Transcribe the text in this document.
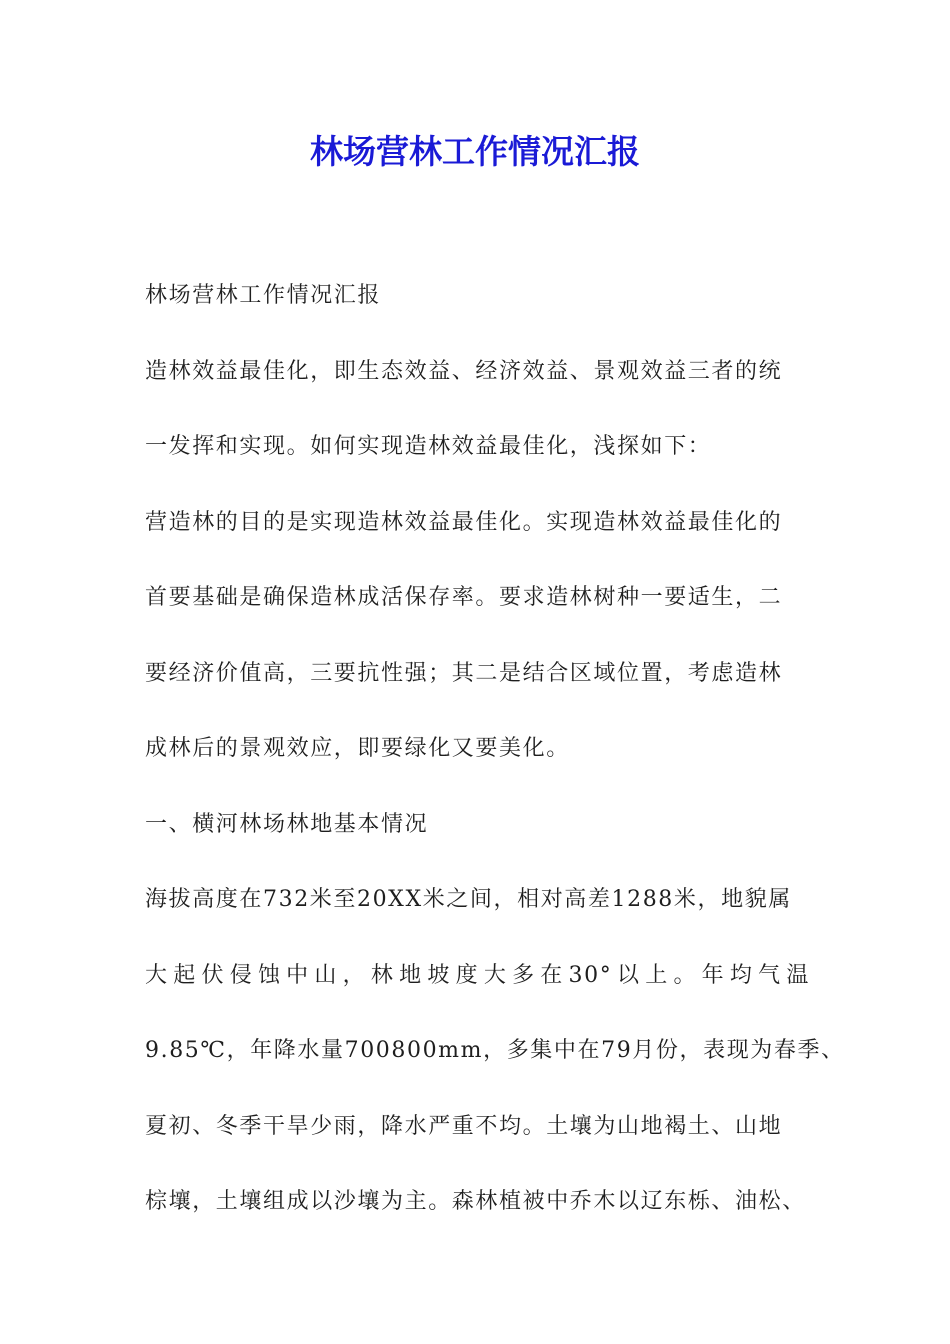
林场营林工作情况汇报
林场营林工作情况汇报
造林效益最佳化，即生态效益、经济效益、景观效益三者的统
一发挥和实现。如何实现造林效益最佳化，浅探如下：
营造林的目的是实现造林效益最佳化。实现造林效益最佳化的
首要基础是确保造林成活保存率。要求造林树种一要适生，二
要经济价值高，三要抗性强；其二是结合区域位置，考虑造林
成林后的景观效应，即要绿化又要美化。
一、横河林场林地基本情况
海拔高度在732米至20XX米之间，相对高差1288米，地貌属
大起伏侵蚀中山，林地坡度大多在30°以上。年均气温
9.85℃，年降水量700800mm，多集中在79月份，表现为春季、
夏初、冬季干旱少雨，降水严重不均。土壤为山地褐土、山地
棕壤，土壤组成以沙壤为主。森林植被中乔木以辽东栎、油松、
